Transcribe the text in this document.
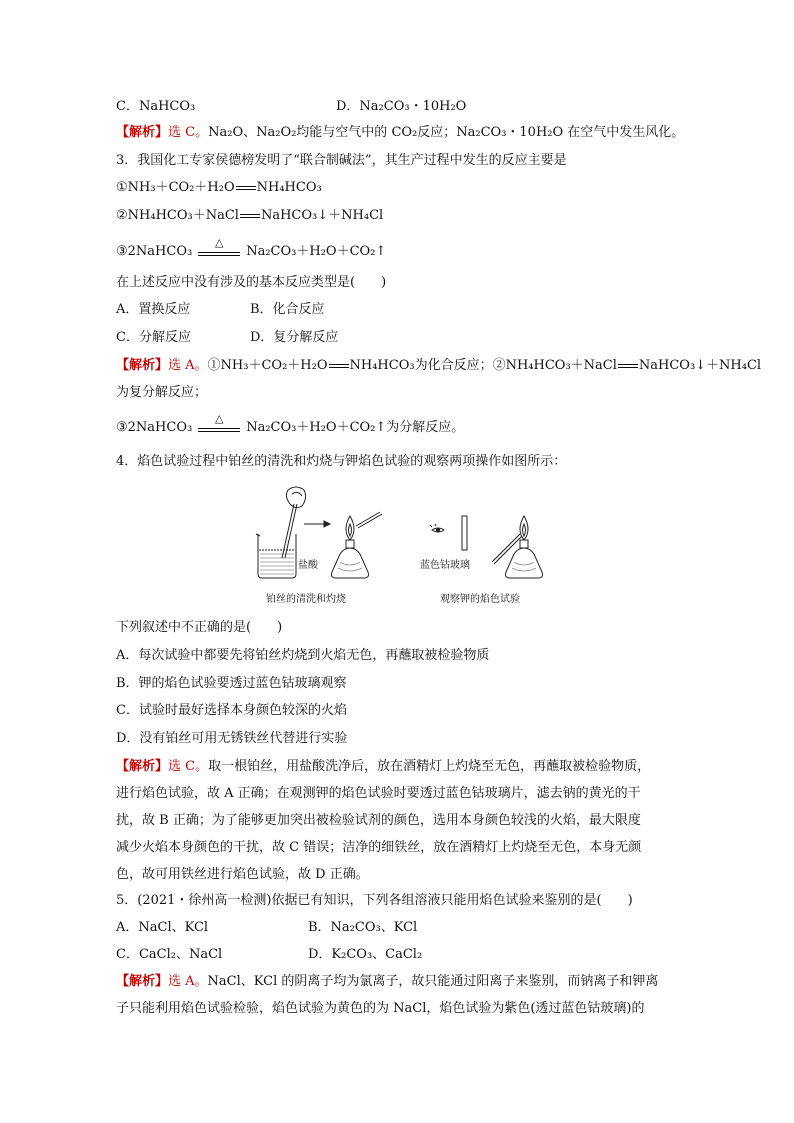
C．NaHCO₃	D．Na₂CO₃・10H₂O
【解析】选 C。Na₂O、Na₂O₂均能与空气中的 CO₂反应；Na₂CO₃・10H₂O 在空气中发生风化。
3．我国化工专家侯德榜发明了“联合制碱法”，其生产过程中发生的反应主要是
①NH₃＋CO₂＋H₂O NH₄HCO₃
②NH₄HCO₃＋NaCl NaHCO₃↓＋NH₄Cl
③2NaHCO₃
△
Na₂CO₃＋H₂O＋CO₂↑
在上述反应中没有涉及的基本反应类型是(　　)
A．置换反应	B．化合反应
C．分解反应	D．复分解反应
【解析】选 A。①NH₃＋CO₂＋H₂O NH₄HCO₃为化合反应；②NH₄HCO₃＋NaCl NaHCO₃↓＋NH₄Cl
为复分解反应；
③2NaHCO₃
△
Na₂CO₃＋H₂O＋CO₂↑为分解反应。
4．焰色试验过程中铂丝的清洗和灼烧与钾焰色试验的观察两项操作如图所示：
盐酸	蓝色钴玻璃
铂丝的清洗和灼烧	观察钾的焰色试验
下列叙述中不正确的是(　　)
A．每次试验中都要先将铂丝灼烧到火焰无色，再蘸取被检验物质
B．钾的焰色试验要透过蓝色钴玻璃观察
C．试验时最好选择本身颜色较深的火焰
D．没有铂丝可用无锈铁丝代替进行实验
【解析】选 C。取一根铂丝，用盐酸洗净后，放在酒精灯上灼烧至无色，再蘸取被检验物质，
进行焰色试验，故 A 正确；在观测钾的焰色试验时要透过蓝色钴玻璃片，滤去钠的黄光的干
扰，故 B 正确；为了能够更加突出被检验试剂的颜色，选用本身颜色较浅的火焰，最大限度
减少火焰本身颜色的干扰，故 C 错误；洁净的细铁丝，放在酒精灯上灼烧至无色，本身无颜
色，故可用铁丝进行焰色试验，故 D 正确。
5．(2021・徐州高一检测)依据已有知识，下列各组溶液只能用焰色试验来鉴别的是(　　)
A．NaCl、KCl	B．Na₂CO₃、KCl
C．CaCl₂、NaCl	D．K₂CO₃、CaCl₂
【解析】选 A。NaCl、KCl 的阴离子均为氯离子，故只能通过阳离子来鉴别，而钠离子和钾离
子只能利用焰色试验检验，焰色试验为黄色的为 NaCl，焰色试验为紫色(透过蓝色钴玻璃)的
